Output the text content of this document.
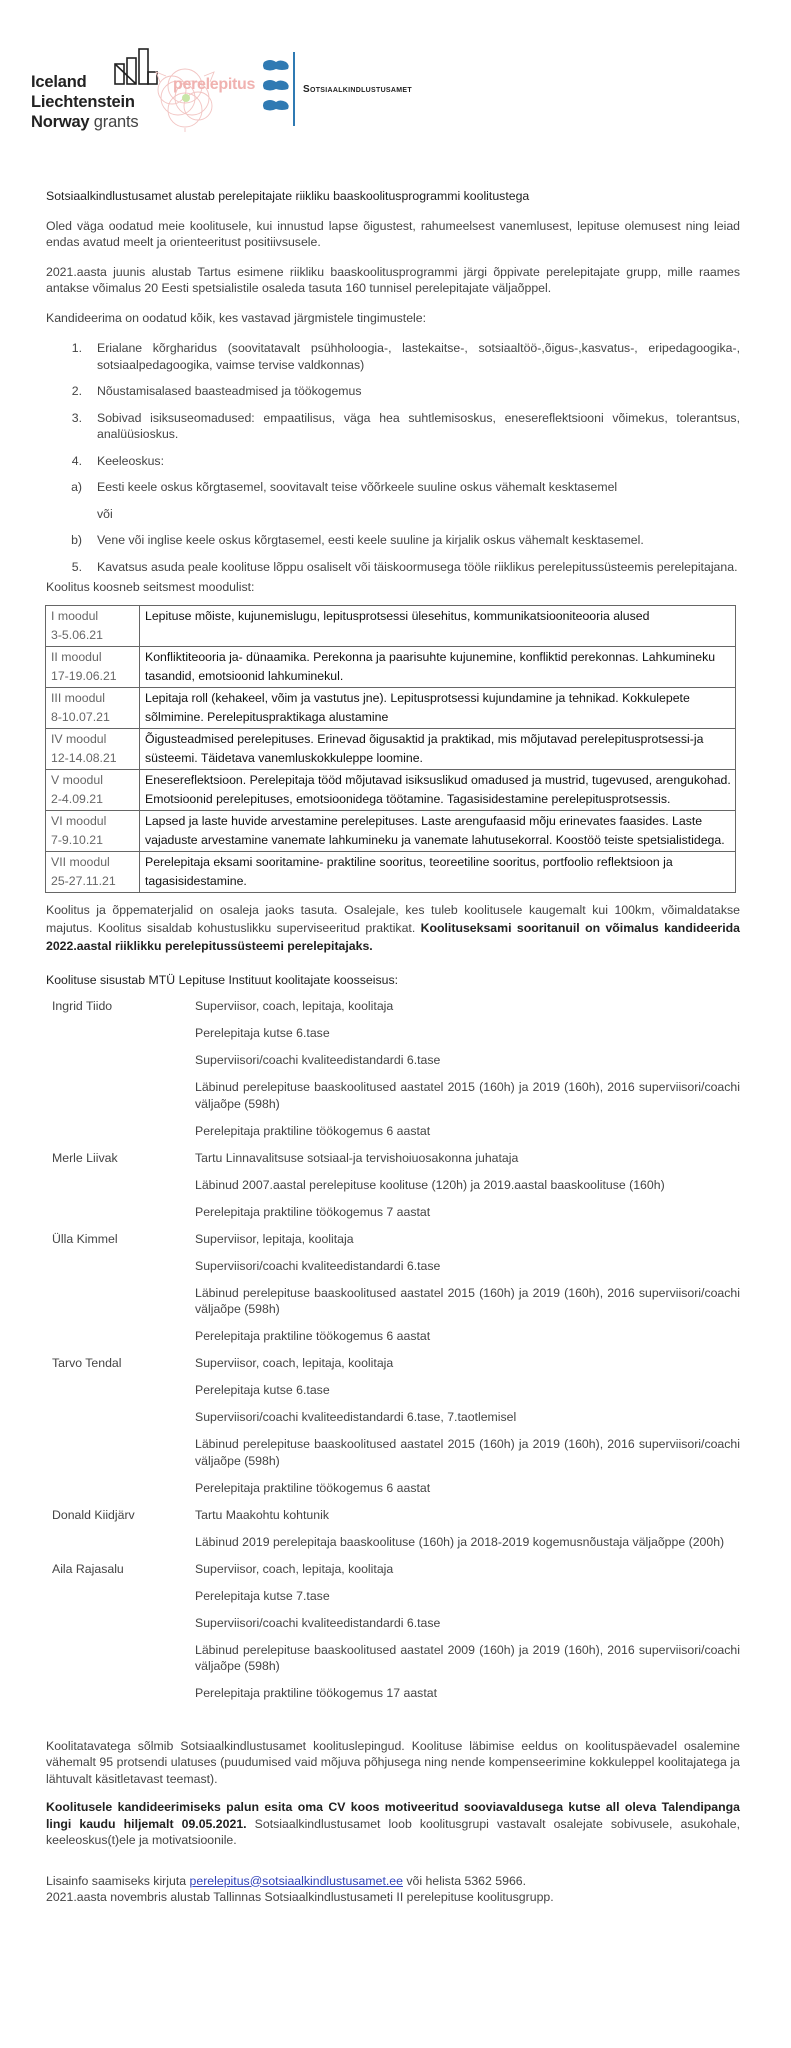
Iceland
Liechtenstein
Norway grants
perelepitus	Sotsiaalkindlustusamet

Sotsiaalkindlustusamet alustab perelepitajate riikliku baaskoolitusprogrammi koolitustega

Oled väga oodatud meie koolitusele, kui innustud lapse õigustest, rahumeelsest vanemlusest, lepituse olemusest ning leiad endas avatud meelt ja orienteeritust positiivsusele.

2021.aasta juunis alustab Tartus esimene riikliku baaskoolitusprogrammi järgi õppivate perelepitajate grupp, mille raames antakse võimalus 20 Eesti spetsialistile osaleda tasuta 160 tunnisel perelepitajate väljaõppel.

Kandideerima on oodatud kõik, kes vastavad järgmistele tingimustele:

1.	Erialane kõrgharidus (soovitatavalt psühholoogia-, lastekaitse-, sotsiaaltöö-,õigus-,kasvatus-, eripedagoogika-, sotsiaalpedagoogika, vaimse tervise valdkonnas)
2.	Nõustamisalased baasteadmised ja töökogemus
3.	Sobivad isiksuseomadused: empaatilisus, väga hea suhtlemisoskus, enesereflektsiooni võimekus, tolerantsus, analüüsioskus.
4.	Keeleoskus:
a)	Eesti keele oskus kõrgtasemel, soovitavalt teise võõrkeele suuline oskus vähemalt kesktasemel
või
b)	Vene või inglise keele oskus kõrgtasemel, eesti keele suuline ja kirjalik oskus vähemalt kesktasemel.
5.	Kavatsus asuda peale koolituse lõppu osaliselt või täiskoormusega tööle riiklikus perelepitussüsteemis perelepitajana.

Koolitus koosneb seitsmest moodulist:

I moodul
3-5.06.21	Lepituse mõiste, kujunemislugu, lepitusprotsessi ülesehitus, kommunikatsiooniteooria alused

II moodul
17-19.06.21	Konfliktiteooria ja- dünaamika. Perekonna ja paarisuhte kujunemine, konfliktid perekonnas. Lahkumineku tasandid, emotsioonid lahkuminekul.

III moodul
8-10.07.21	Lepitaja roll (kehakeel, võim ja vastutus jne). Lepitusprotsessi kujundamine ja tehnikad. Kokkulepete sõlmimine. Perelepituspraktikaga alustamine

IV moodul
12-14.08.21	Õigusteadmised perelepituses. Erinevad õigusaktid ja praktikad, mis mõjutavad perelepitusprotsessi-ja süsteemi. Täidetava vanemluskokkuleppe loomine.

V moodul
2-4.09.21	Enesereflektsioon. Perelepitaja tööd mõjutavad isiksuslikud omadused ja mustrid, tugevused, arengukohad. Emotsioonid perelepituses, emotsioonidega töötamine. Tagasisidestamine perelepitusprotsessis.

VI moodul
7-9.10.21	Lapsed ja laste huvide arvestamine perelepituses. Laste arengufaasid mõju erinevates faasides. Laste vajaduste arvestamine vanemate lahkumineku ja vanemate lahutusekorral. Koostöö teiste spetsialistidega.

VII moodul
25-27.11.21	Perelepitaja eksami sooritamine- praktiline sooritus, teoreetiline sooritus, portfoolio reflektsioon ja tagasisidestamine.

Koolitus ja õppematerjalid on osaleja jaoks tasuta. Osalejale, kes tuleb koolitusele kaugemalt kui 100km, võimaldatakse majutus. Koolitus sisaldab kohustuslikku superviseeritud praktikat. Koolituseksami sooritanuil on võimalus kandideerida 2022.aastal riiklikku perelepitussüsteemi perelepitajaks.

Koolituse sisustab MTÜ Lepituse Instituut koolitajate koosseisus:

Ingrid Tiido	Superviisor, coach, lepitaja, koolitaja
Perelepitaja kutse 6.tase
Superviisori/coachi kvaliteedistandardi 6.tase
Läbinud perelepituse baaskoolitused aastatel 2015 (160h) ja 2019 (160h), 2016 superviisori/coachi väljaõpe (598h)
Perelepitaja praktiline töökogemus 6 aastat
Merle Liivak	Tartu Linnavalitsuse sotsiaal-ja tervishoiuosakonna juhataja
Läbinud 2007.aastal perelepituse koolituse (120h) ja 2019.aastal baaskoolituse (160h)
Perelepitaja praktiline töökogemus 7 aastat
Ülla Kimmel	Superviisor, lepitaja, koolitaja
Superviisori/coachi kvaliteedistandardi 6.tase
Läbinud perelepituse baaskoolitused aastatel 2015 (160h) ja 2019 (160h), 2016 superviisori/coachi väljaõpe (598h)
Perelepitaja praktiline töökogemus 6 aastat
Tarvo Tendal	Superviisor, coach, lepitaja, koolitaja
Perelepitaja kutse 6.tase
Superviisori/coachi kvaliteedistandardi 6.tase, 7.taotlemisel
Läbinud perelepituse baaskoolitused aastatel 2015 (160h) ja 2019 (160h), 2016 superviisori/coachi väljaõpe (598h)
Perelepitaja praktiline töökogemus 6 aastat
Donald Kiidjärv	Tartu Maakohtu kohtunik
Läbinud 2019 perelepitaja baaskoolituse (160h) ja 2018-2019 kogemusnõustaja väljaõppe (200h)
Aila Rajasalu	Superviisor, coach, lepitaja, koolitaja
Perelepitaja kutse 7.tase
Superviisori/coachi kvaliteedistandardi 6.tase
Läbinud perelepituse baaskoolitused aastatel 2009 (160h) ja 2019 (160h), 2016 superviisori/coachi väljaõpe (598h)
Perelepitaja praktiline töökogemus 17 aastat

Koolitatavatega sõlmib Sotsiaalkindlustusamet koolituslepingud. Koolituse läbimise eeldus on koolituspäevadel osalemine vähemalt 95 protsendi ulatuses (puudumised vaid mõjuva põhjusega ning nende kompenseerimine kokkuleppel koolitajatega ja lähtuvalt käsitletavast teemast).

Koolitusele kandideerimiseks palun esita oma CV koos motiveeritud sooviavaldusega kutse all oleva Talendipanga lingi kaudu hiljemalt 09.05.2021. Sotsiaalkindlustusamet loob koolitusgrupi vastavalt osalejate sobivusele, asukohale, keeleoskus(t)ele ja motivatsioonile.

Lisainfo saamiseks kirjuta perelepitus@sotsiaalkindlustusamet.ee või helista 5362 5966.

2021.aasta novembris alustab Tallinnas Sotsiaalkindlustusameti II perelepituse koolitusgrupp.
